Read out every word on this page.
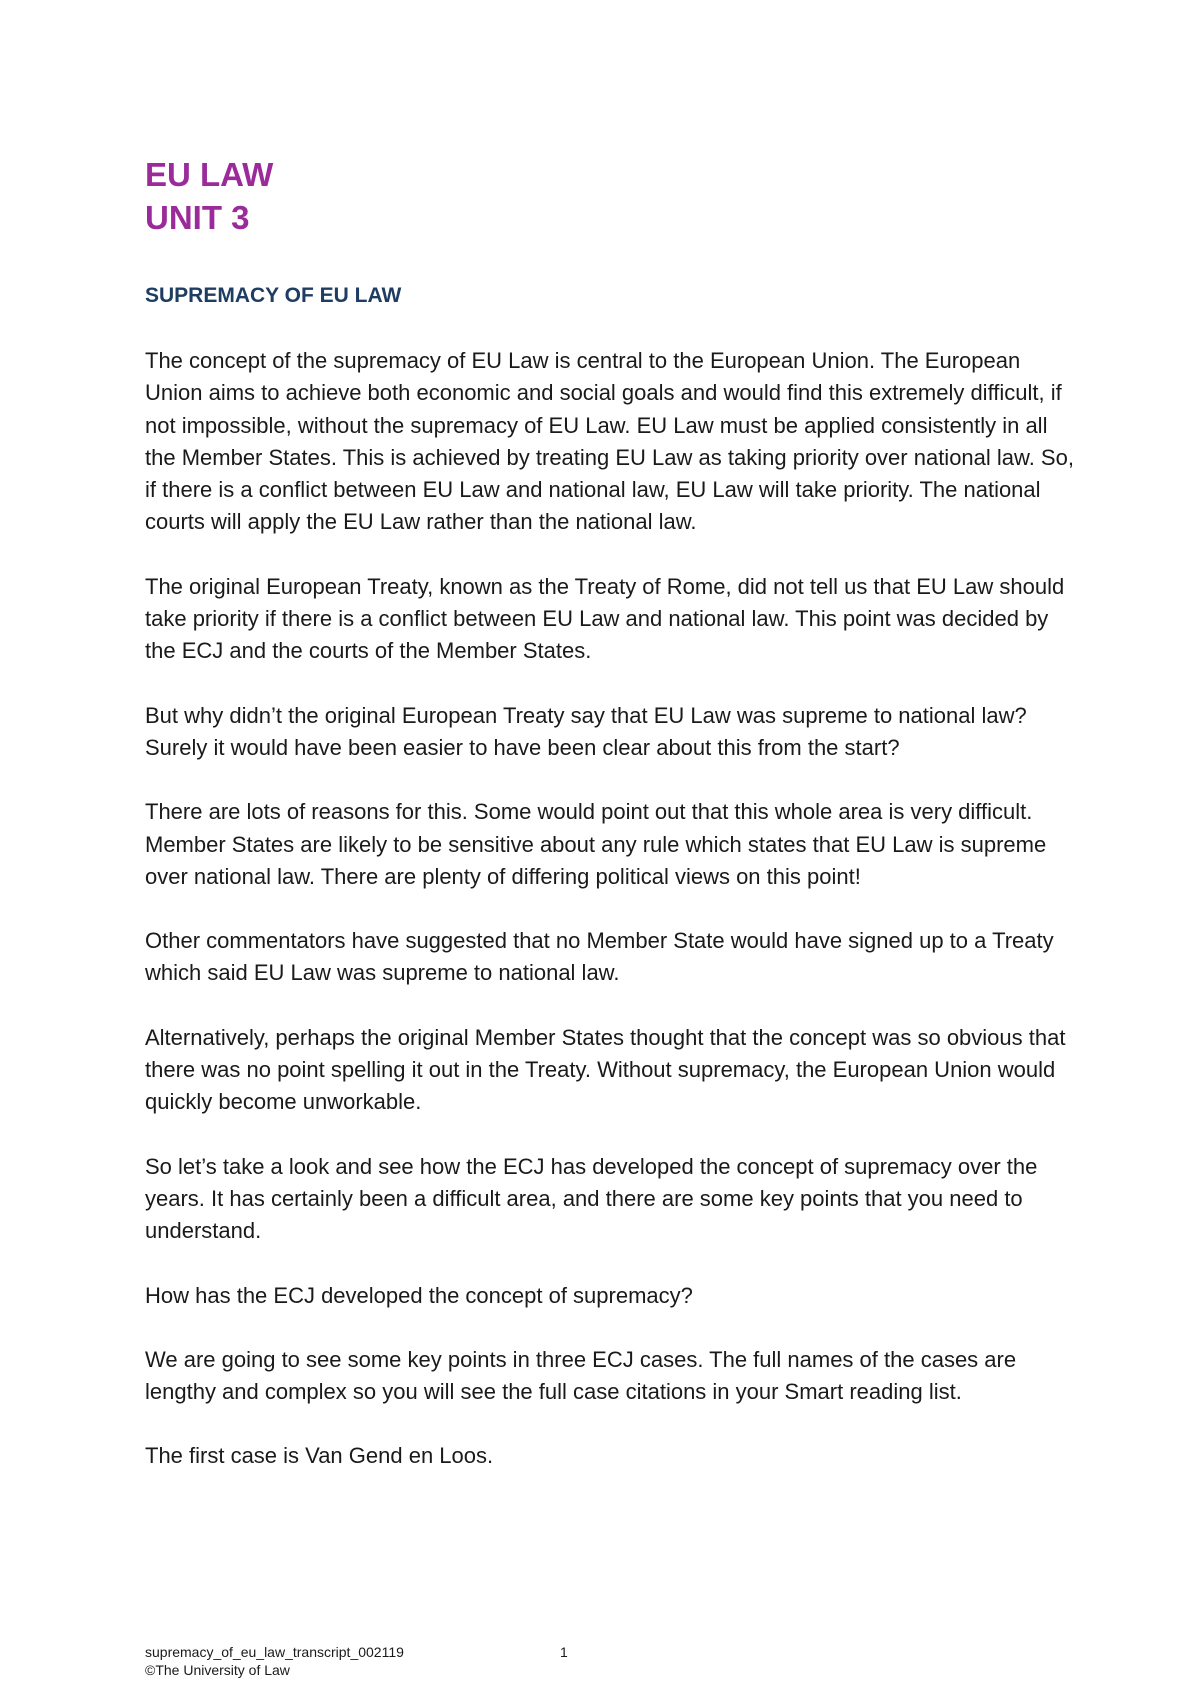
EU LAW
UNIT 3
SUPREMACY OF EU LAW

The concept of the supremacy of EU Law is central to the European Union. The European Union aims to achieve both economic and social goals and would find this extremely difficult, if not impossible, without the supremacy of EU Law. EU Law must be applied consistently in all the Member States. This is achieved by treating EU Law as taking priority over national law. So, if there is a conflict between EU Law and national law, EU Law will take priority. The national courts will apply the EU Law rather than the national law.

The original European Treaty, known as the Treaty of Rome, did not tell us that EU Law should take priority if there is a conflict between EU Law and national law. This point was decided by the ECJ and the courts of the Member States.

But why didn’t the original European Treaty say that EU Law was supreme to national law? Surely it would have been easier to have been clear about this from the start?

There are lots of reasons for this. Some would point out that this whole area is very difficult. Member States are likely to be sensitive about any rule which states that EU Law is supreme over national law. There are plenty of differing political views on this point!

Other commentators have suggested that no Member State would have signed up to a Treaty which said EU Law was supreme to national law.

Alternatively, perhaps the original Member States thought that the concept was so obvious that there was no point spelling it out in the Treaty. Without supremacy, the European Union would quickly become unworkable.

So let’s take a look and see how the ECJ has developed the concept of supremacy over the years. It has certainly been a difficult area, and there are some key points that you need to understand.

How has the ECJ developed the concept of supremacy?

We are going to see some key points in three ECJ cases. The full names of the cases are lengthy and complex so you will see the full case citations in your Smart reading list.

The first case is Van Gend en Loos.

supremacy_of_eu_law_transcript_002119	1
©The University of Law
